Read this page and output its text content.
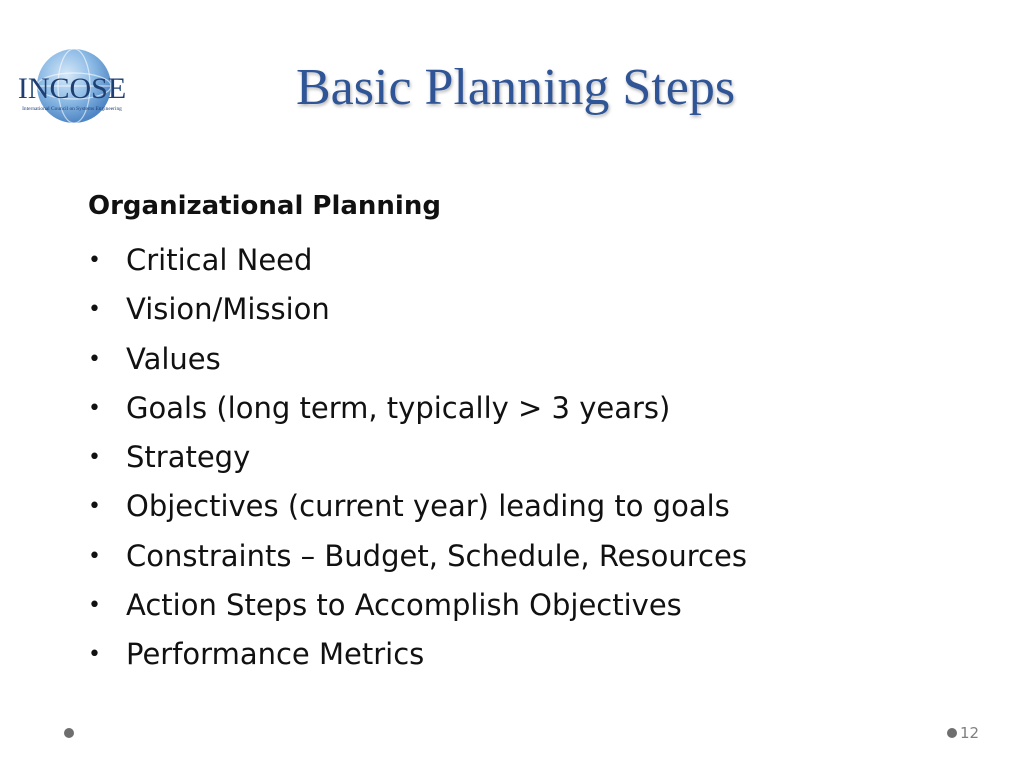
INCOSE
International Council on Systems Engineering	Basic Planning Steps
Organizational Planning
• Critical Need
• Vision/Mission
• Values
• Goals (long term, typically > 3 years)
• Strategy
• Objectives (current year) leading to goals
• Constraints – Budget, Schedule, Resources
• Action Steps to Accomplish Objectives
• Performance Metrics
12
